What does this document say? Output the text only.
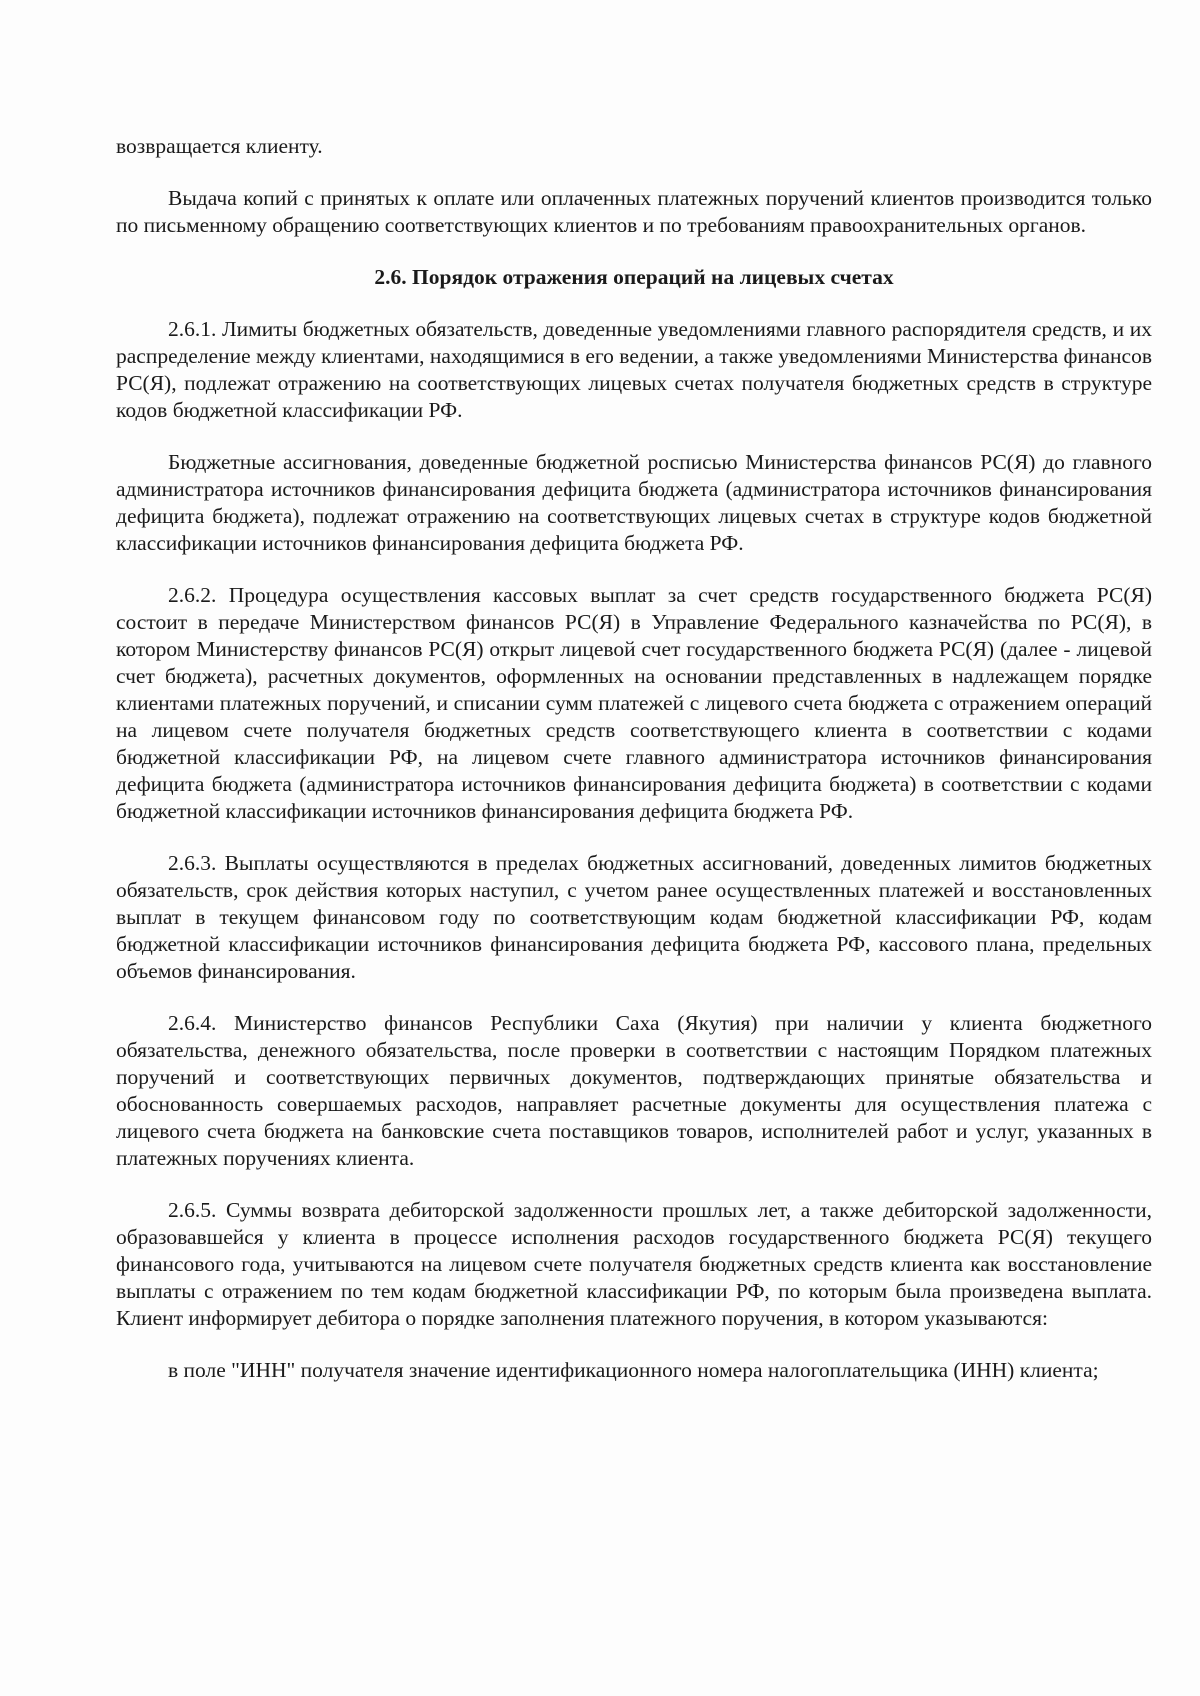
возвращается клиенту.

Выдача копий с принятых к оплате или оплаченных платежных поручений клиентов производится только по письменному обращению соответствующих клиентов и по требованиям правоохранительных органов.

2.6. Порядок отражения операций на лицевых счетах

2.6.1. Лимиты бюджетных обязательств, доведенные уведомлениями главного распорядителя средств, и их распределение между клиентами, находящимися в его ведении, а также уведомлениями Министерства финансов РС(Я), подлежат отражению на соответствующих лицевых счетах получателя бюджетных средств в структуре кодов бюджетной классификации РФ.

Бюджетные ассигнования, доведенные бюджетной росписью Министерства финансов РС(Я) до главного администратора источников финансирования дефицита бюджета (администратора источников финансирования дефицита бюджета), подлежат отражению на соответствующих лицевых счетах в структуре кодов бюджетной классификации источников финансирования дефицита бюджета РФ.

2.6.2. Процедура осуществления кассовых выплат за счет средств государственного бюджета РС(Я) состоит в передаче Министерством финансов РС(Я) в Управление Федерального казначейства по РС(Я), в котором Министерству финансов РС(Я) открыт лицевой счет государственного бюджета РС(Я) (далее - лицевой счет бюджета), расчетных документов, оформленных на основании представленных в надлежащем порядке клиентами платежных поручений, и списании сумм платежей с лицевого счета бюджета с отражением операций на лицевом счете получателя бюджетных средств соответствующего клиента в соответствии с кодами бюджетной классификации РФ, на лицевом счете главного администратора источников финансирования дефицита бюджета (администратора источников финансирования дефицита бюджета) в соответствии с кодами бюджетной классификации источников финансирования дефицита бюджета РФ.

2.6.3. Выплаты осуществляются в пределах бюджетных ассигнований, доведенных лимитов бюджетных обязательств, срок действия которых наступил, с учетом ранее осуществленных платежей и восстановленных выплат в текущем финансовом году по соответствующим кодам бюджетной классификации РФ, кодам бюджетной классификации источников финансирования дефицита бюджета РФ, кассового плана, предельных объемов финансирования.

2.6.4. Министерство финансов Республики Саха (Якутия) при наличии у клиента бюджетного обязательства, денежного обязательства, после проверки в соответствии с настоящим Порядком платежных поручений и соответствующих первичных документов, подтверждающих принятые обязательства и обоснованность совершаемых расходов, направляет расчетные документы для осуществления платежа с лицевого счета бюджета на банковские счета поставщиков товаров, исполнителей работ и услуг, указанных в платежных поручениях клиента.

2.6.5. Суммы возврата дебиторской задолженности прошлых лет, а также дебиторской задолженности, образовавшейся у клиента в процессе исполнения расходов государственного бюджета РС(Я) текущего финансового года, учитываются на лицевом счете получателя бюджетных средств клиента как восстановление выплаты с отражением по тем кодам бюджетной классификации РФ, по которым была произведена выплата. Клиент информирует дебитора о порядке заполнения платежного поручения, в котором указываются:

в поле "ИНН" получателя значение идентификационного номера налогоплательщика (ИНН) клиента;
